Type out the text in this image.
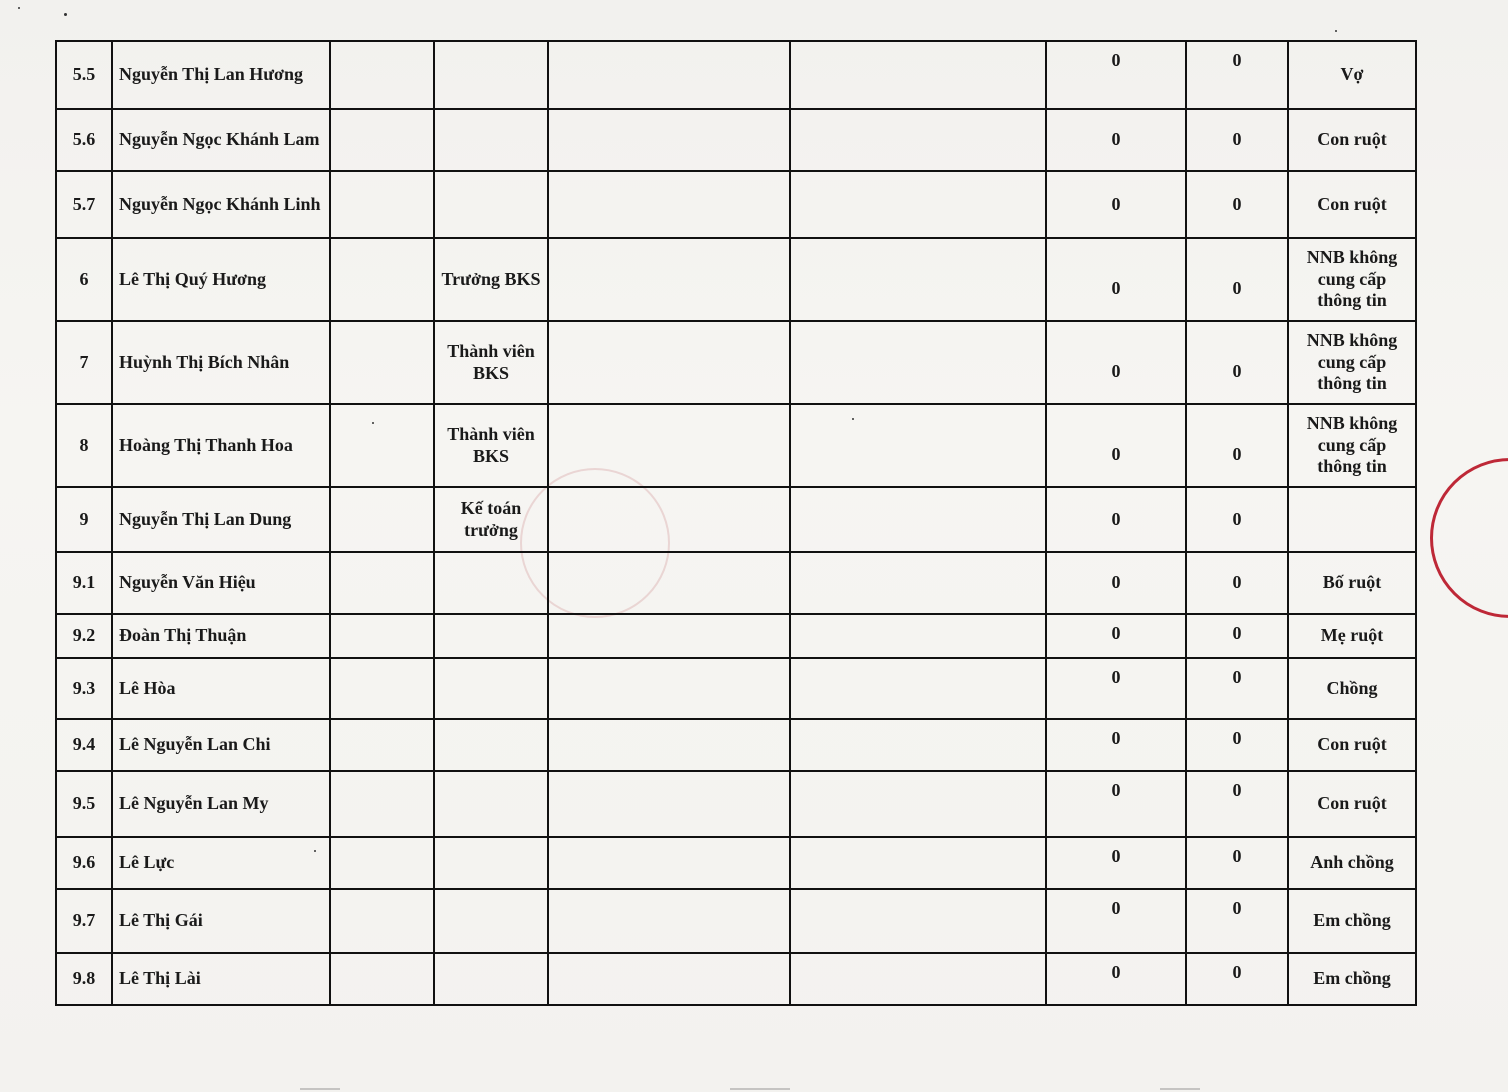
5.5	Nguyễn Thị Lan Hương					0	0	Vợ
5.6	Nguyễn Ngọc Khánh Lam					0	0	Con ruột
5.7	Nguyễn Ngọc Khánh Linh					0	0	Con ruột
6	Lê Thị Quý Hương		Trưởng BKS			0	0	NNB không cung cấp thông tin
7	Huỳnh Thị Bích Nhân		Thành viên BKS			0	0	NNB không cung cấp thông tin
8	Hoàng Thị Thanh Hoa		Thành viên BKS			0	0	NNB không cung cấp thông tin
9	Nguyễn Thị Lan Dung		Kế toán trưởng			0	0	
9.1	Nguyễn Văn Hiệu					0	0	Bố ruột
9.2	Đoàn Thị Thuận					0	0	Mẹ ruột
9.3	Lê Hòa					0	0	Chồng
9.4	Lê Nguyễn Lan Chi					0	0	Con ruột
9.5	Lê Nguyễn Lan My					0	0	Con ruột
9.6	Lê Lực					0	0	Anh chồng
9.7	Lê Thị Gái					0	0	Em chồng
9.8	Lê Thị Lài					0	0	Em chồng
